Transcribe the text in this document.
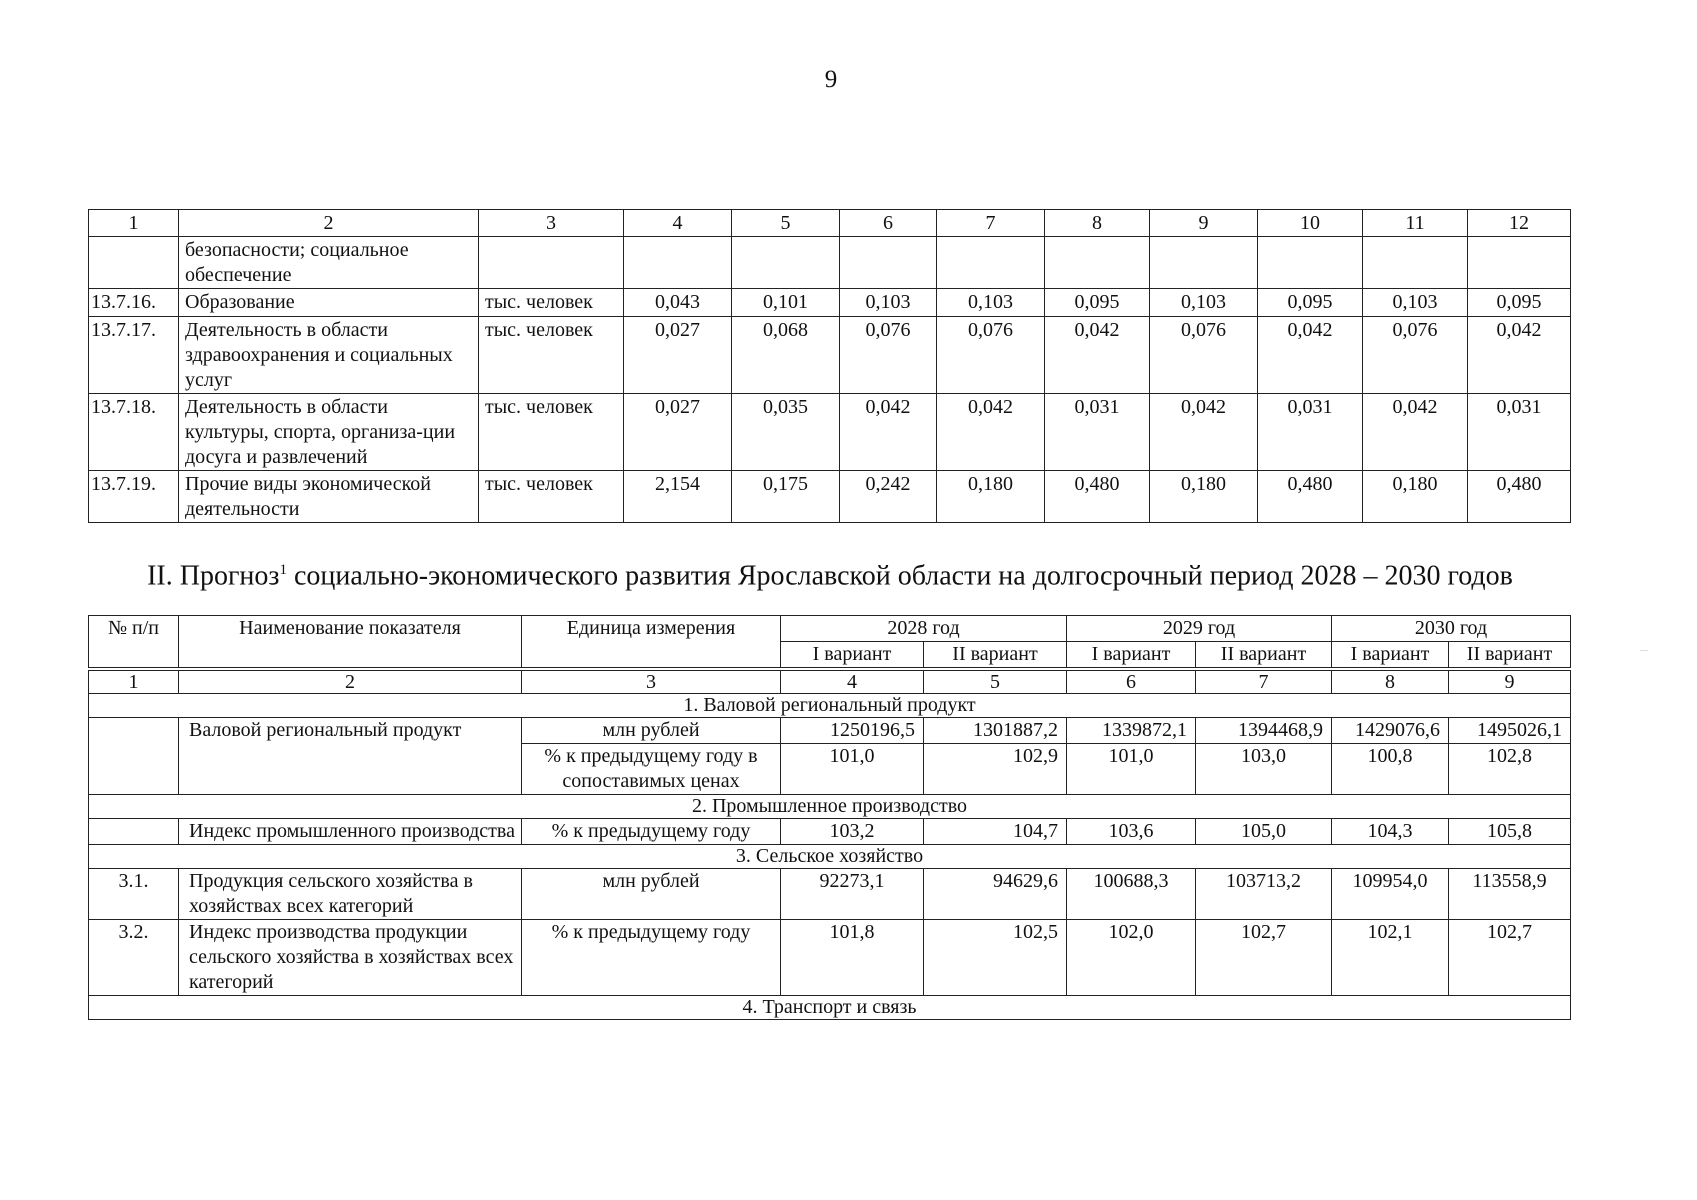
9
1	2	3	4	5	6	7	8	9	10	11	12
	безопасности; социальное обеспечение										
13.7.16.	Образование	тыс. человек	0,043	0,101	0,103	0,103	0,095	0,103	0,095	0,103	0,095
13.7.17.	Деятельность в области здравоохранения и социальных услуг	тыс. человек	0,027	0,068	0,076	0,076	0,042	0,076	0,042	0,076	0,042
13.7.18.	Деятельность в области культуры, спорта, организа-ции досуга и развлечений	тыс. человек	0,027	0,035	0,042	0,042	0,031	0,042	0,031	0,042	0,031
13.7.19.	Прочие виды экономической деятельности	тыс. человек	2,154	0,175	0,242	0,180	0,480	0,180	0,480	0,180	0,480
II. Прогноз$^1$ социально-экономического развития Ярославской области на долгосрочный период 2028 – 2030 годов
№ п/п	Наименование показателя	Единица измерения	2028 год		2029 год		2030 год	
			I вариант	II вариант	I вариант	II вариант	I вариант	II вариант
1	2	3	4	5	6	7	8	9
1. Валовой региональный продукт								
	Валовой региональный продукт	млн рублей	1250196,5	1301887,2	1339872,1	1394468,9	1429076,6	1495026,1
		% к предыдущему году в сопоставимых ценах	101,0	102,9	101,0	103,0	100,8	102,8
2. Промышленное производство								
	Индекс промышленного производства	% к предыдущему году	103,2	104,7	103,6	105,0	104,3	105,8
3. Сельское хозяйство								
3.1.	Продукция сельского хозяйства в хозяйствах всех категорий	млн рублей	92273,1	94629,6	100688,3	103713,2	109954,0	113558,9
3.2.	Индекс производства продукции сельского хозяйства в хозяйствах всех категорий	% к предыдущему году	101,8	102,5	102,0	102,7	102,1	102,7
4. Транспорт и связь								
